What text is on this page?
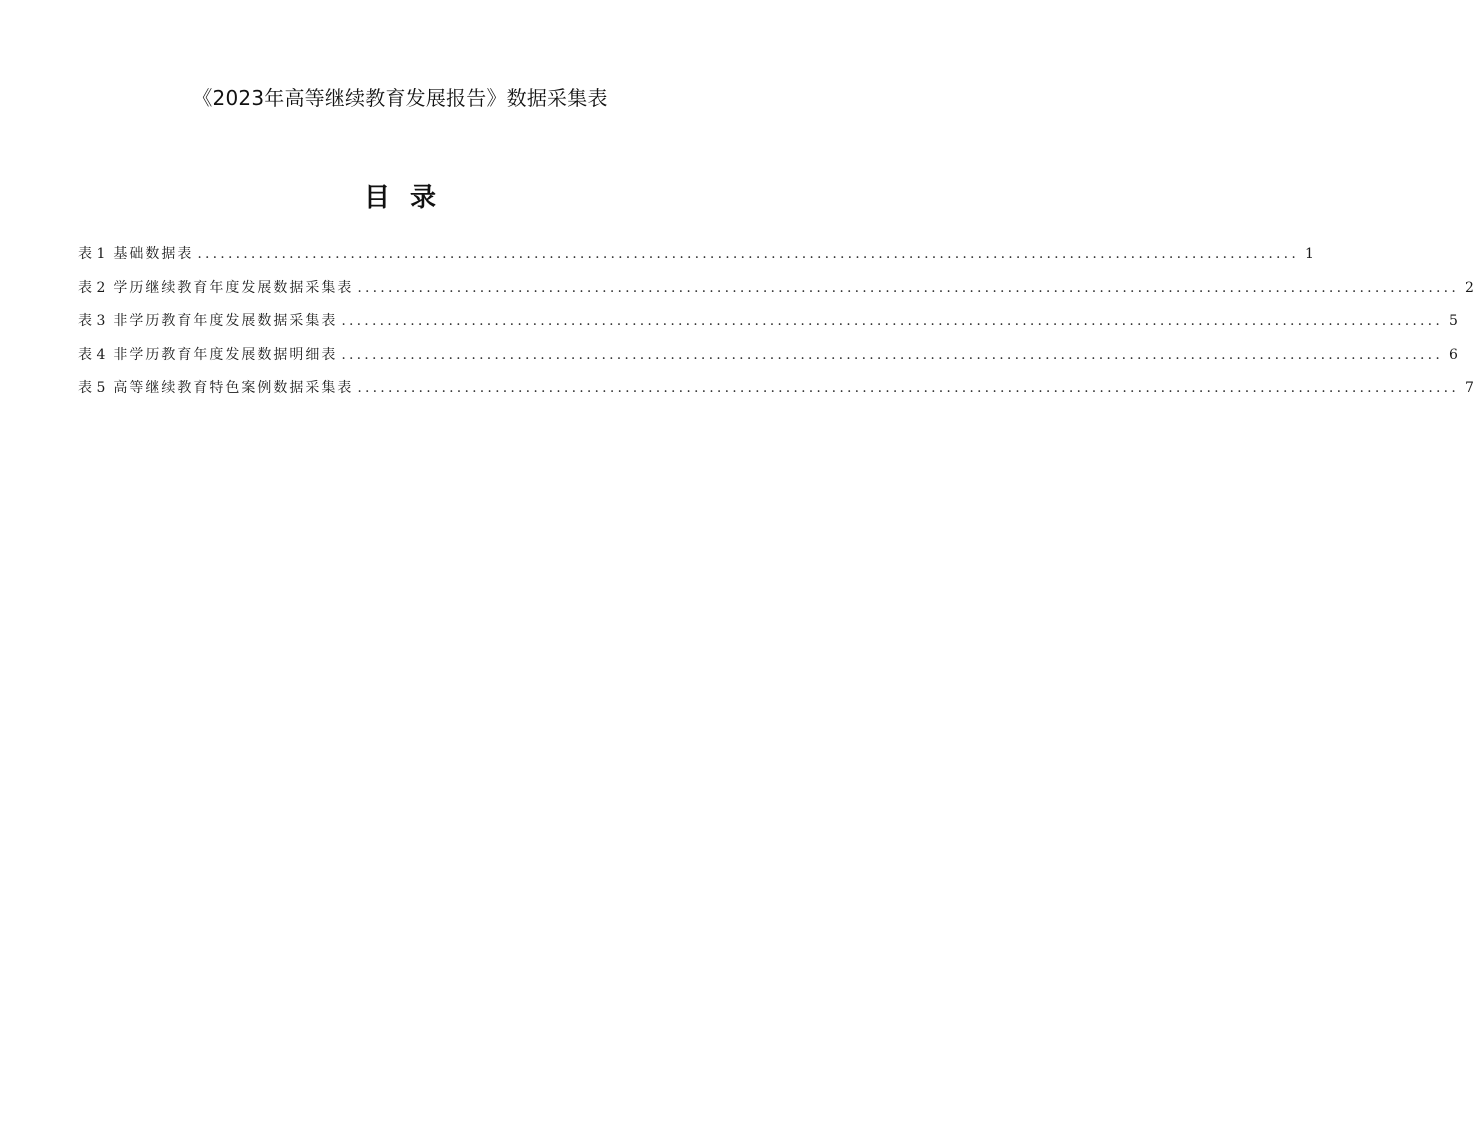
《2023年高等继续教育发展报告》数据采集表
目录
表 1 基础数据表 ................................................................................................................................................ 1
表 2 学历继续教育年度发展数据采集表 ................................................................................................................................................ 2
表 3 非学历教育年度发展数据采集表 ................................................................................................................................................ 5
表 4 非学历教育年度发展数据明细表 ................................................................................................................................................ 6
表 5 高等继续教育特色案例数据采集表 ................................................................................................................................................ 7
